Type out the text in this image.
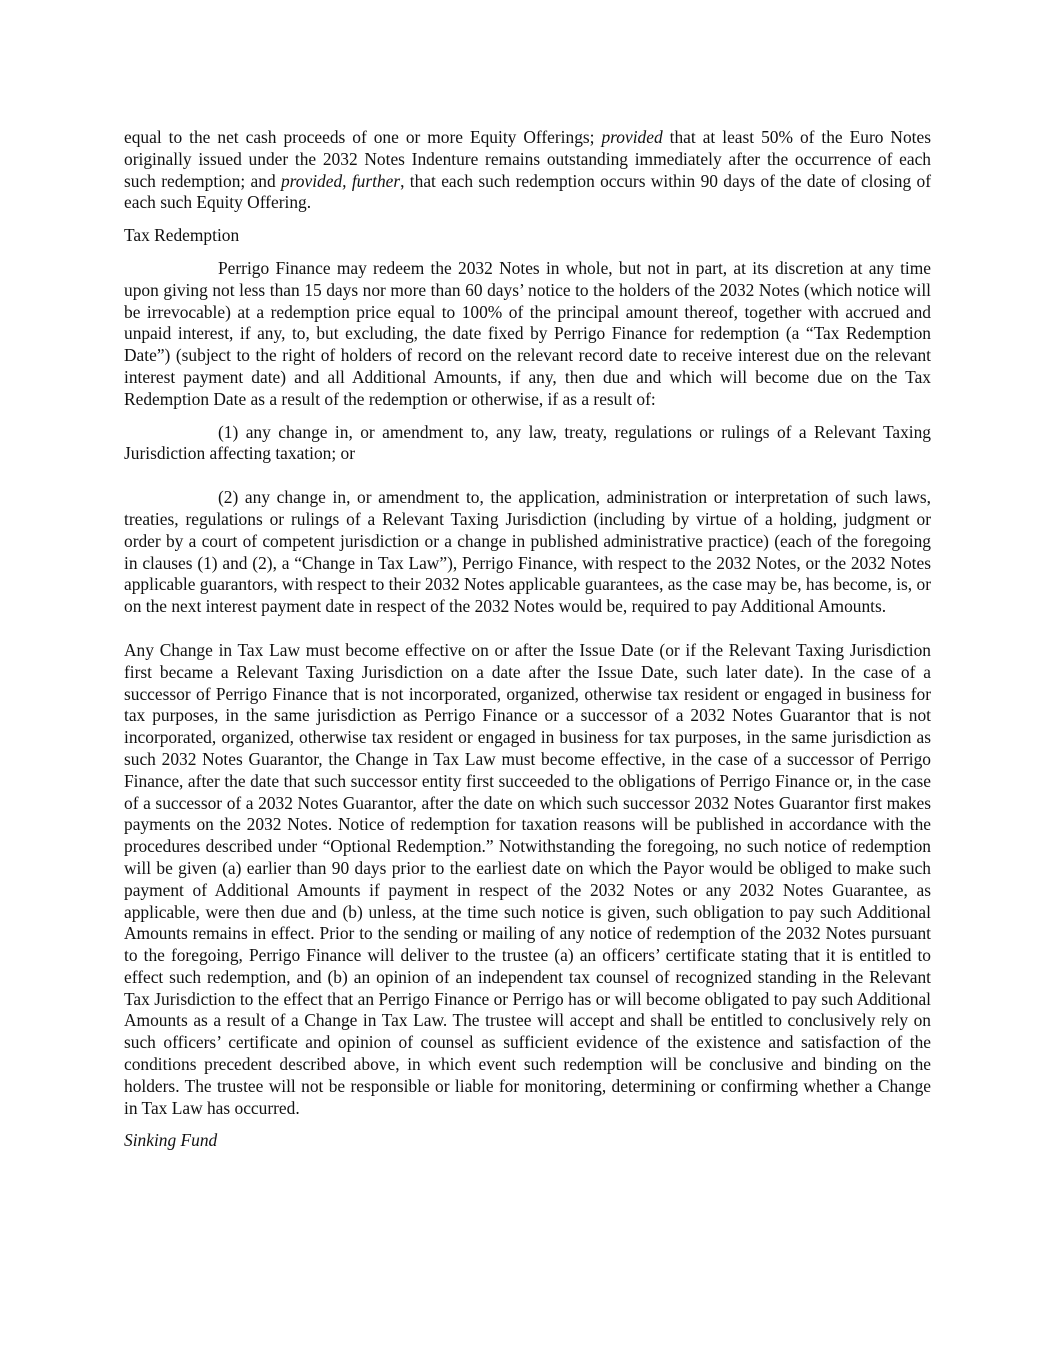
equal to the net cash proceeds of one or more Equity Offerings; provided that at least 50% of the Euro Notes originally issued under the 2032 Notes Indenture remains outstanding immediately after the occurrence of each such redemption; and provided, further, that each such redemption occurs within 90 days of the date of closing of each such Equity Offering.

Tax Redemption

Perrigo Finance may redeem the 2032 Notes in whole, but not in part, at its discretion at any time upon giving not less than 15 days nor more than 60 days’ notice to the holders of the 2032 Notes (which notice will be irrevocable) at a redemption price equal to 100% of the principal amount thereof, together with accrued and unpaid interest, if any, to, but excluding, the date fixed by Perrigo Finance for redemption (a “Tax Redemption Date”) (subject to the right of holders of record on the relevant record date to receive interest due on the relevant interest payment date) and all Additional Amounts, if any, then due and which will become due on the Tax Redemption Date as a result of the redemption or otherwise, if as a result of:

(1) any change in, or amendment to, any law, treaty, regulations or rulings of a Relevant Taxing Jurisdiction affecting taxation; or

(2) any change in, or amendment to, the application, administration or interpretation of such laws, treaties, regulations or rulings of a Relevant Taxing Jurisdiction (including by virtue of a holding, judgment or order by a court of competent jurisdiction or a change in published administrative practice) (each of the foregoing in clauses (1) and (2), a “Change in Tax Law”), Perrigo Finance, with respect to the 2032 Notes, or the 2032 Notes applicable guarantors, with respect to their 2032 Notes applicable guarantees, as the case may be, has become, is, or on the next interest payment date in respect of the 2032 Notes would be, required to pay Additional Amounts.

Any Change in Tax Law must become effective on or after the Issue Date (or if the Relevant Taxing Jurisdiction first became a Relevant Taxing Jurisdiction on a date after the Issue Date, such later date). In the case of a successor of Perrigo Finance that is not incorporated, organized, otherwise tax resident or engaged in business for tax purposes, in the same jurisdiction as Perrigo Finance or a successor of a 2032 Notes Guarantor that is not incorporated, organized, otherwise tax resident or engaged in business for tax purposes, in the same jurisdiction as such 2032 Notes Guarantor, the Change in Tax Law must become effective, in the case of a successor of Perrigo Finance, after the date that such successor entity first succeeded to the obligations of Perrigo Finance or, in the case of a successor of a 2032 Notes Guarantor, after the date on which such successor 2032 Notes Guarantor first makes payments on the 2032 Notes. Notice of redemption for taxation reasons will be published in accordance with the procedures described under “Optional Redemption.” Notwithstanding the foregoing, no such notice of redemption will be given (a) earlier than 90 days prior to the earliest date on which the Payor would be obliged to make such payment of Additional Amounts if payment in respect of the 2032 Notes or any 2032 Notes Guarantee, as applicable, were then due and (b) unless, at the time such notice is given, such obligation to pay such Additional Amounts remains in effect. Prior to the sending or mailing of any notice of redemption of the 2032 Notes pursuant to the foregoing, Perrigo Finance will deliver to the trustee (a) an officers’ certificate stating that it is entitled to effect such redemption, and (b) an opinion of an independent tax counsel of recognized standing in the Relevant Tax Jurisdiction to the effect that an Perrigo Finance or Perrigo has or will become obligated to pay such Additional Amounts as a result of a Change in Tax Law. The trustee will accept and shall be entitled to conclusively rely on such officers’ certificate and opinion of counsel as sufficient evidence of the existence and satisfaction of the conditions precedent described above, in which event such redemption will be conclusive and binding on the holders. The trustee will not be responsible or liable for monitoring, determining or confirming whether a Change in Tax Law has occurred.

Sinking Fund
